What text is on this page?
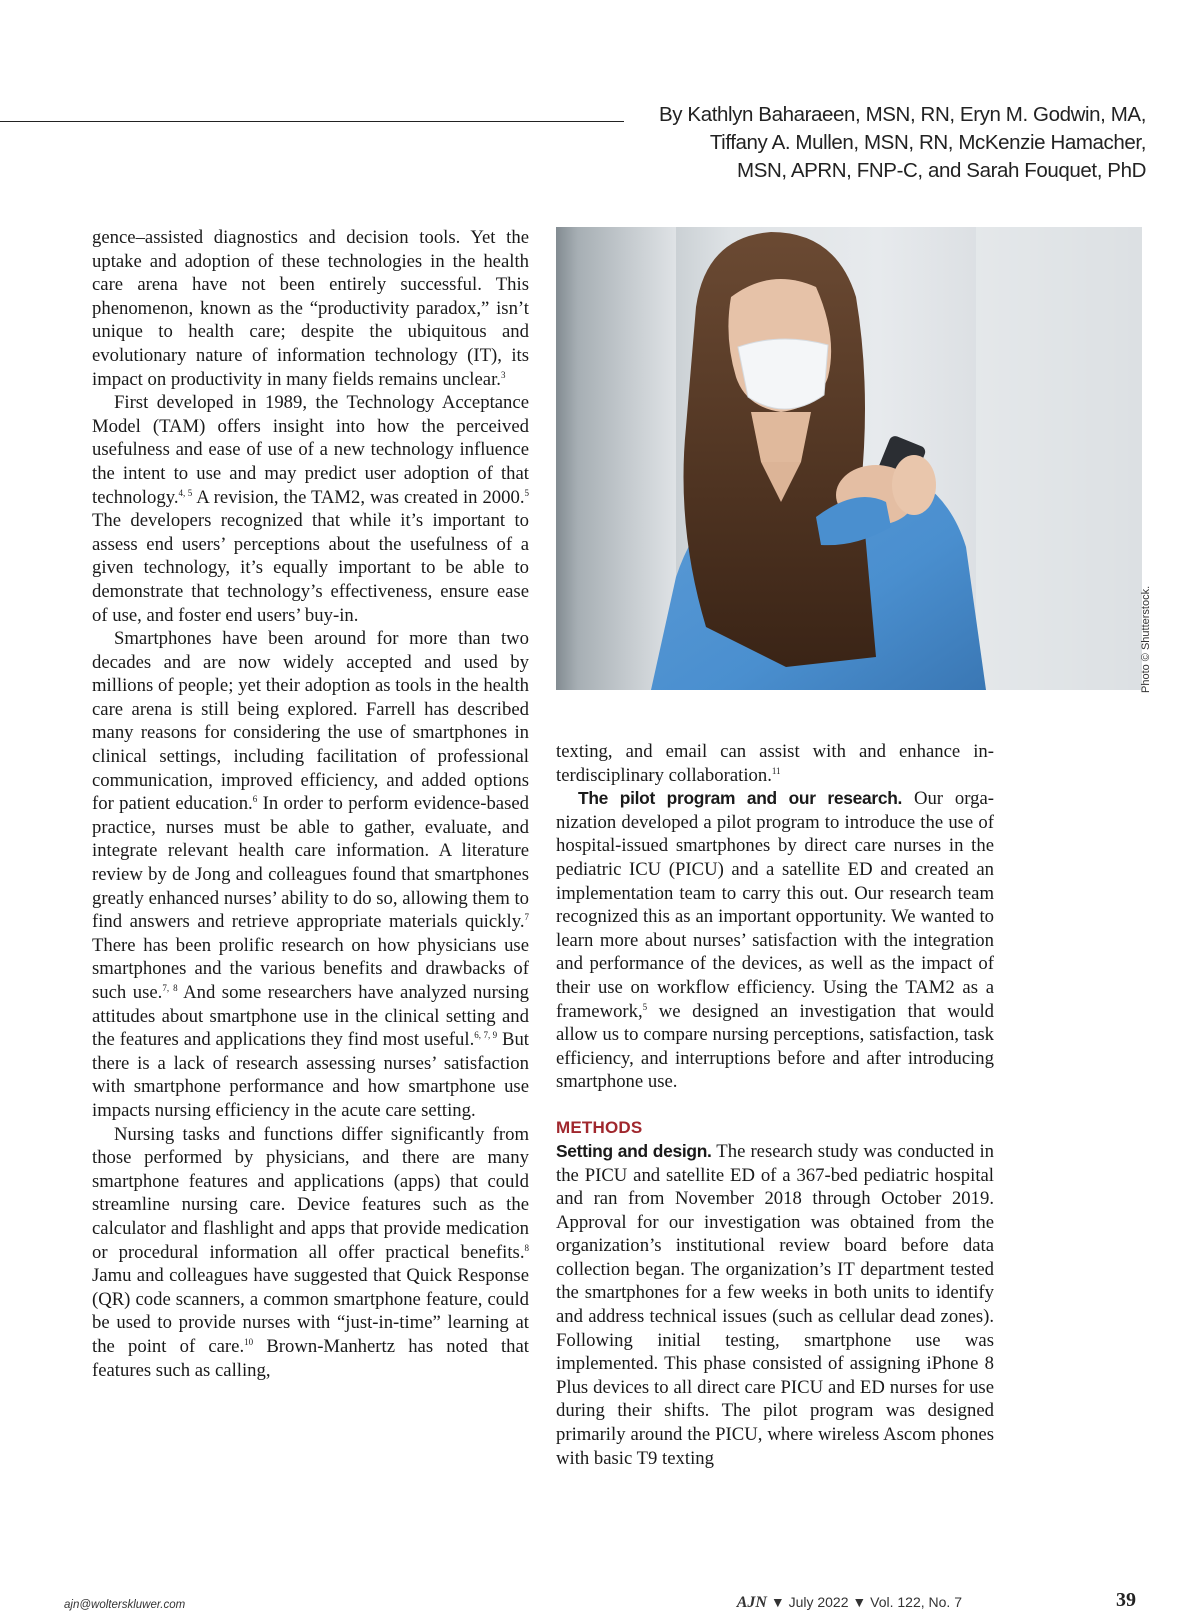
By Kathlyn Baharaeen, MSN, RN, Eryn M. Godwin, MA,
Tiffany A. Mullen, MSN, RN, McKenzie Hamacher,
MSN, APRN, FNP-C, and Sarah Fouquet, PhD
Photo © Shutterstock.

gence–assisted diagnostics and decision tools. Yet the uptake and adoption of these technologies in the health care arena have not been entirely successful. This phenomenon, known as the “productivity paradox,” isn’t unique to health care; despite the ubiquitous and evolutionary nature of information technology (IT), its impact on productivity in many fields remains unclear.$^3$

First developed in 1989, the Technology Acceptance Model (TAM) offers insight into how the perceived usefulness and ease of use of a new technology influence the intent to use and may predict user adoption of that technology.$^{4, 5}$ A revision, the TAM2, was created in 2000.$^5$ The developers recognized that while it’s important to assess end users’ perceptions about the usefulness of a given technology, it’s equally important to be able to demonstrate that technology’s effectiveness, ensure ease of use, and foster end users’ buy-in.

Smartphones have been around for more than two decades and are now widely accepted and used by millions of people; yet their adoption as tools in the health care arena is still being explored. Farrell has described many reasons for considering the use of smartphones in clinical settings, including facilitation of professional communication, improved efficiency, and added options for patient education.$^6$ In order to perform evidence-based practice, nurses must be able to gather, evaluate, and integrate relevant health care information. A literature review by de Jong and colleagues found that smartphones greatly enhanced nurses’ ability to do so, allowing them to find answers and retrieve appropriate materials quickly.$^7$ There has been prolific research on how physicians use smartphones and the various benefits and drawbacks of such use.$^{7, 8}$ And some researchers have analyzed nursing attitudes about smartphone use in the clinical setting and the features and applications they find most useful.$^{6, 7, 9}$ But there is a lack of research assessing nurses’ satisfaction with smartphone performance and how smartphone use impacts nursing efficiency in the acute care setting.

Nursing tasks and functions differ significantly from those performed by physicians, and there are many smartphone features and applications (apps) that could streamline nursing care. Device features such as the calculator and flashlight and apps that provide medication or procedural information all offer practical benefits.$^8$ Jamu and colleagues have suggested that Quick Response (QR) code scanners, a common smartphone feature, could be used to provide nurses with “just-in-time” learning at the point of care.$^{10}$ Brown-Manhertz has noted that features such as calling,

texting, and email can assist with and enhance interdisciplinary collaboration.$^{11}$

The pilot program and our research. Our organization developed a pilot program to introduce the use of hospital-issued smartphones by direct care nurses in the pediatric ICU (PICU) and a satellite ED and created an implementation team to carry this out. Our research team recognized this as an important opportunity. We wanted to learn more about nurses’ satisfaction with the integration and performance of the devices, as well as the impact of their use on workflow efficiency. Using the TAM2 as a framework,$^5$ we designed an investigation that would allow us to compare nursing perceptions, satisfaction, task efficiency, and interruptions before and after introducing smartphone use.

METHODS

Setting and design. The research study was conducted in the PICU and satellite ED of a 367-bed pediatric hospital and ran from November 2018 through October 2019. Approval for our investigation was obtained from the organization’s institutional review board before data collection began. The organization’s IT department tested the smartphones for a few weeks in both units to identify and address technical issues (such as cellular dead zones). Following initial testing, smartphone use was implemented. This phase consisted of assigning iPhone 8 Plus devices to all direct care PICU and ED nurses for use during their shifts. The pilot program was designed primarily around the PICU, where wireless Ascom phones with basic T9 texting

ajn@wolterskluwer.com	AJN ▼ July 2022 ▼ Vol. 122, No. 7	39
